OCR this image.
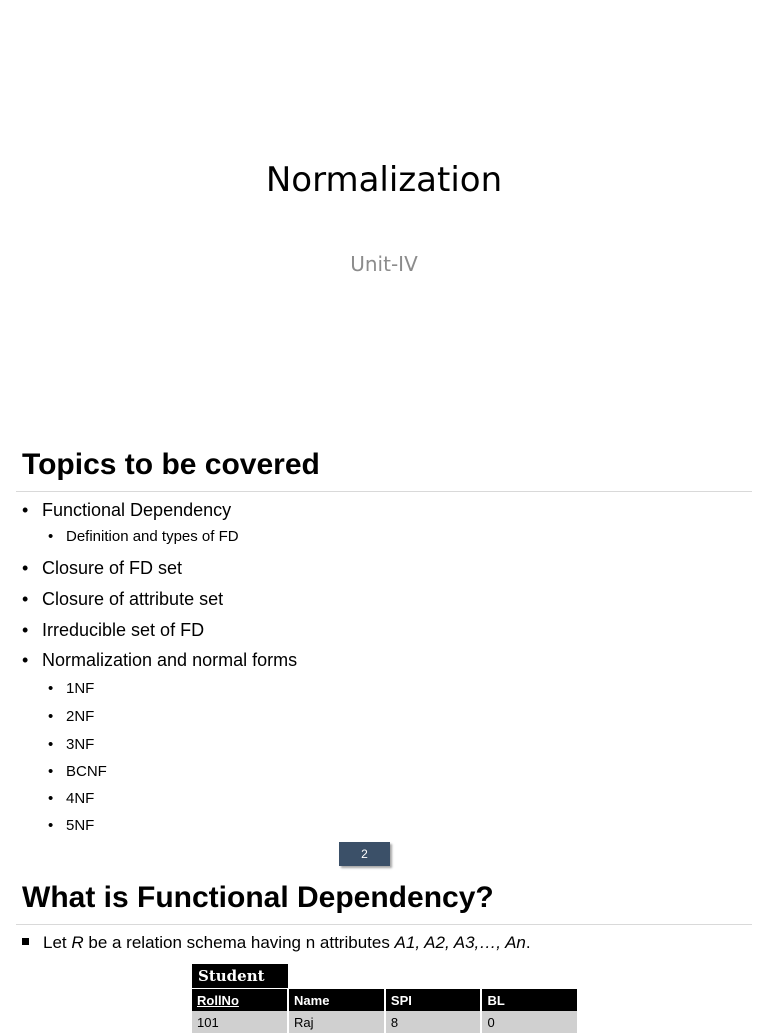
Normalization
Unit-IV
Topics to be covered
• Functional Dependency
• Definition and types of FD
• Closure of FD set
• Closure of attribute set
• Irreducible set of FD
• Normalization and normal forms
• 1NF
• 2NF
• 3NF
• BCNF
• 4NF
• 5NF
2
What is Functional Dependency?
Let R be a relation schema having n attributes A1, A2, A3,…, An.
Student
RollNo	Name	SPI	BL
101	Raj	8	0
